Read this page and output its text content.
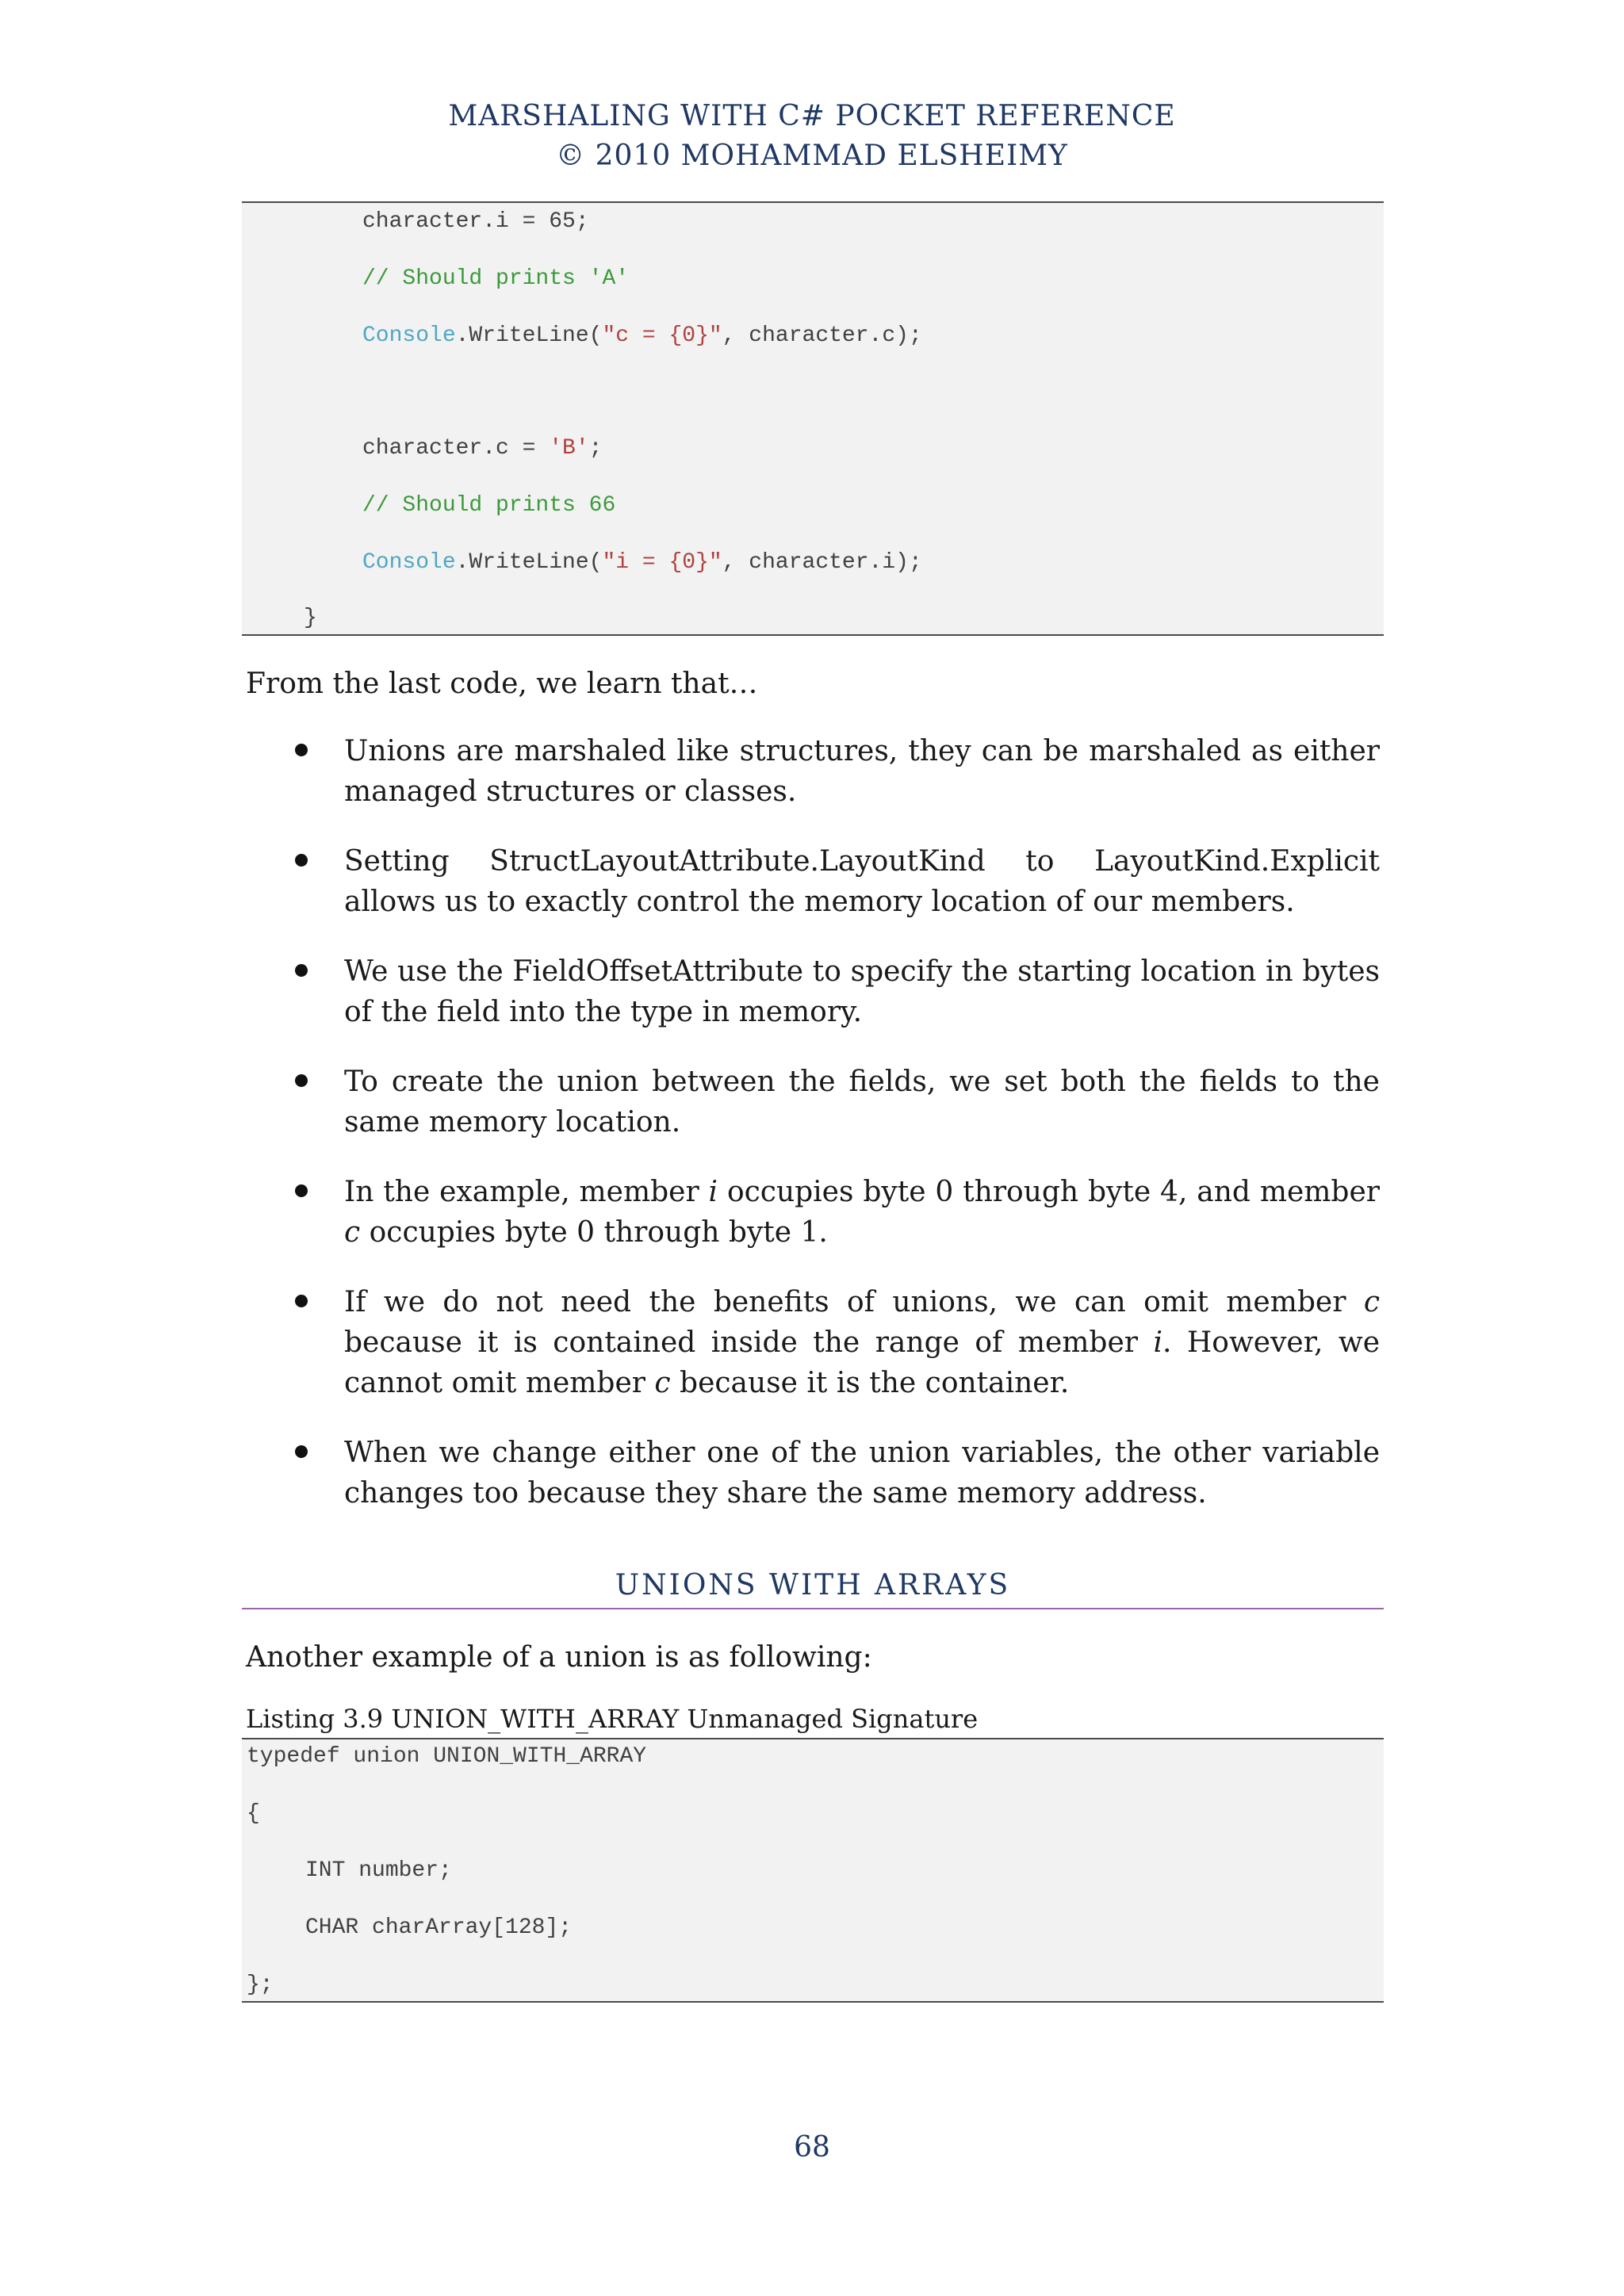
MARSHALING WITH C# POCKET REFERENCE
© 2010 MOHAMMAD ELSHEIMY
character.i = 65;
// Should prints 'A'
Console.WriteLine("c = {0}", character.c);
character.c = 'B';
// Should prints 66
Console.WriteLine("i = {0}", character.i);
}
From the last code, we learn that…
Unions are marshaled like structures, they can be marshaled as either managed structures or classes.
Setting StructLayoutAttribute.LayoutKind to LayoutKind.Explicit allows us to exactly control the memory location of our members.
We use the FieldOffsetAttribute to specify the starting location in bytes of the field into the type in memory.
To create the union between the fields, we set both the fields to the same memory location.
In the example, member i occupies byte 0 through byte 4, and member c occupies byte 0 through byte 1.
If we do not need the benefits of unions, we can omit member c because it is contained inside the range of member i. However, we cannot omit member c because it is the container.
When we change either one of the union variables, the other variable changes too because they share the same memory address.
UNIONS WITH ARRAYS
Another example of a union is as following:
Listing 3.9 UNION_WITH_ARRAY Unmanaged Signature
typedef union UNION_WITH_ARRAY
{
INT number;
CHAR charArray[128];
};
68
